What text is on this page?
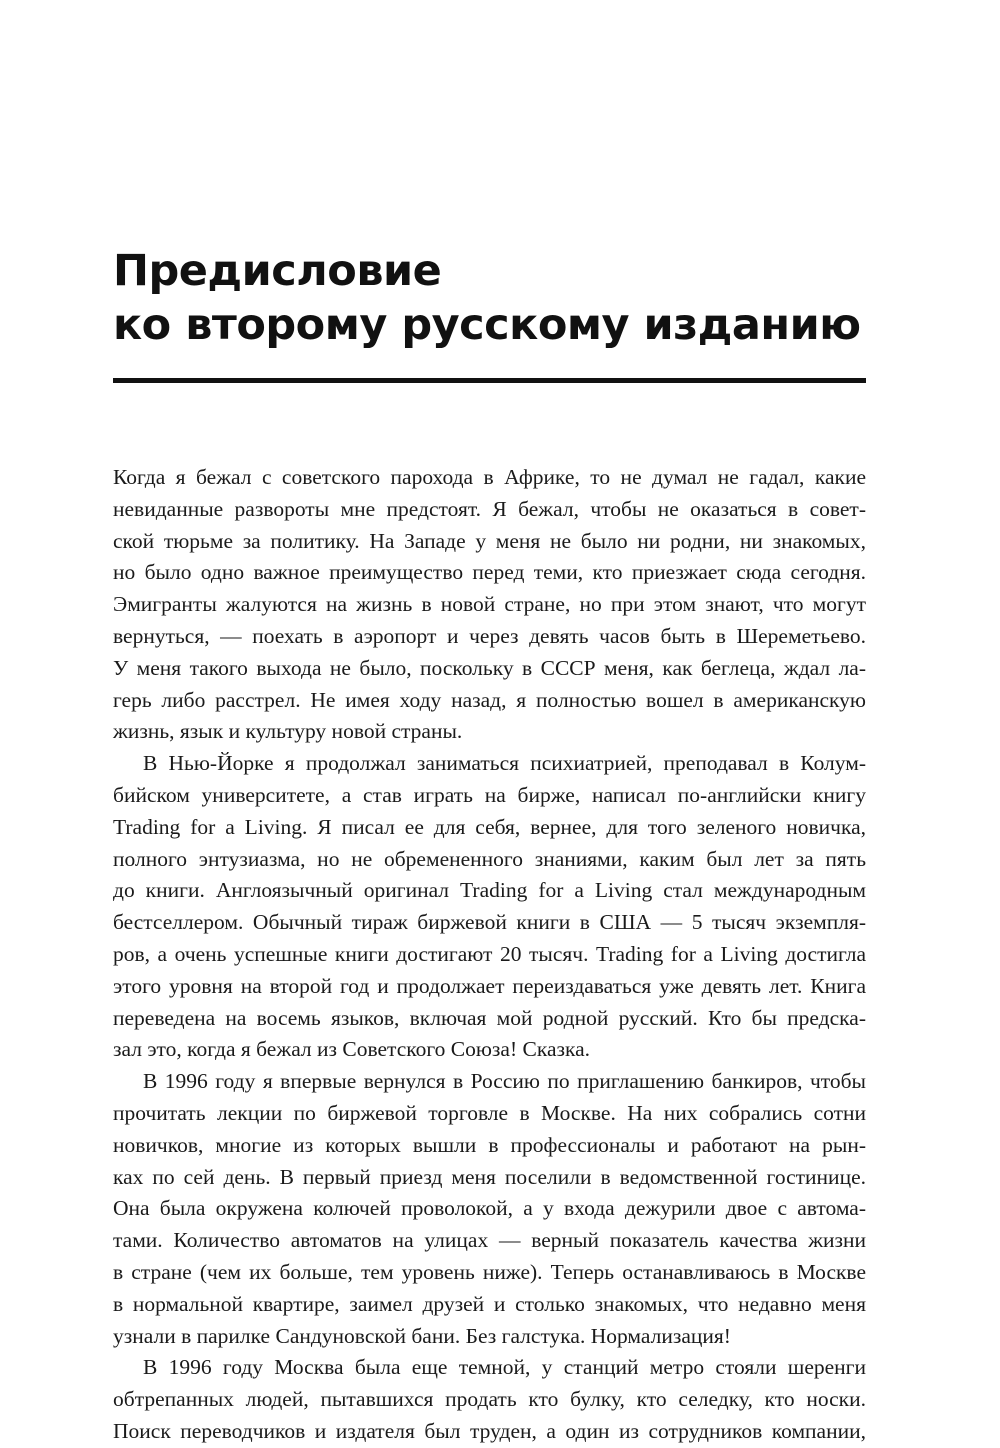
Предисловие
ко второму русскому изданию
Когда я бежал с советского парохода в Африке, то не думал не гадал, какие
невиданные развороты мне предстоят. Я бежал, чтобы не оказаться в совет-
ской тюрьме за политику. На Западе у меня не было ни родни, ни знакомых,
но было одно важное преимущество перед теми, кто приезжает сюда сегодня.
Эмигранты жалуются на жизнь в новой стране, но при этом знают, что могут
вернуться, — поехать в аэропорт и через девять часов быть в Шереметьево.
У меня такого выхода не было, поскольку в СССР меня, как беглеца, ждал ла-
герь либо расстрел. Не имея ходу назад, я полностью вошел в американскую
жизнь, язык и культуру новой страны.
В Нью-Йорке я продолжал заниматься психиатрией, преподавал в Колум-
бийском университете, а став играть на бирже, написал по-английски книгу
Trading for a Living. Я писал ее для себя, вернее, для того зеленого новичка,
полного энтузиазма, но не обремененного знаниями, каким был лет за пять
до книги. Англоязычный оригинал Trading for a Living стал международным
бестселлером. Обычный тираж биржевой книги в США — 5 тысяч экземпля-
ров, а очень успешные книги достигают 20 тысяч. Trading for a Living достигла
этого уровня на второй год и продолжает переиздаваться уже девять лет. Книга
переведена на восемь языков, включая мой родной русский. Кто бы предска-
зал это, когда я бежал из Советского Союза! Сказка.
В 1996 году я впервые вернулся в Россию по приглашению банкиров, чтобы
прочитать лекции по биржевой торговле в Москве. На них собрались сотни
новичков, многие из которых вышли в профессионалы и работают на рын-
ках по сей день. В первый приезд меня поселили в ведомственной гостинице.
Она была окружена колючей проволокой, а у входа дежурили двое с автома-
тами. Количество автоматов на улицах — верный показатель качества жизни
в стране (чем их больше, тем уровень ниже). Теперь останавливаюсь в Москве
в нормальной квартире, заимел друзей и столько знакомых, что недавно меня
узнали в парилке Сандуновской бани. Без галстука. Нормализация!
В 1996 году Москва была еще темной, у станций метро стояли шеренги
обтрепанных людей, пытавшихся продать кто булку, кто селедку, кто носки.
Поиск переводчиков и издателя был труден, а один из сотрудников компании,
